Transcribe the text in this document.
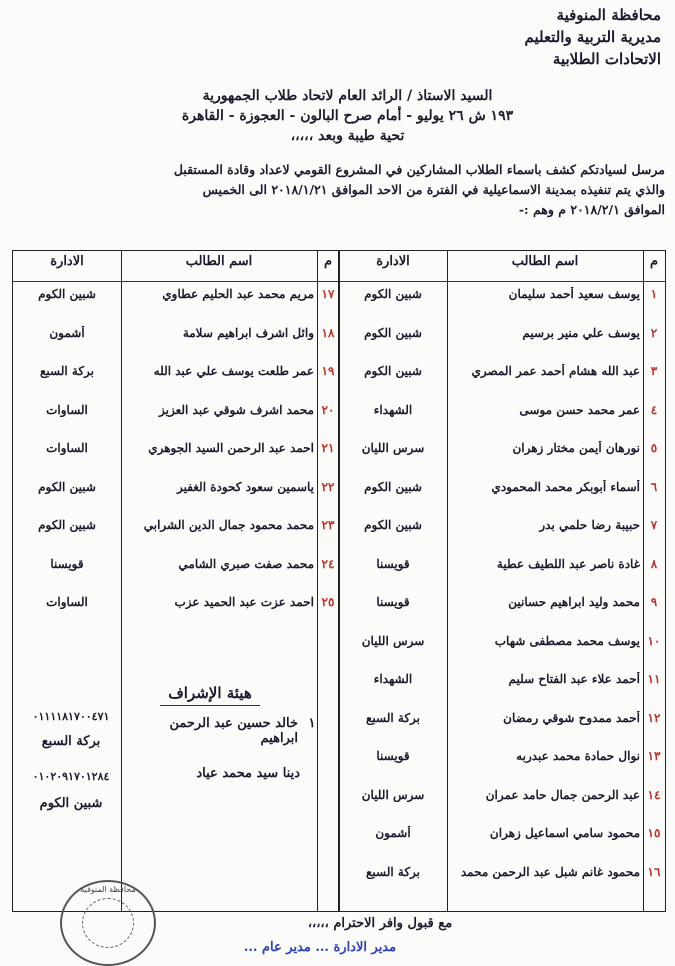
محافظة المنوفية
مديرية التربية والتعليم
الاتحادات الطلابية
السيد الاستاذ / الرائد العام لاتحاد طلاب الجمهورية
١٩٣ ش ٢٦ يوليو - أمام صرح البالون - العجوزة - القاهرة
تحية طيبة وبعد ،،،،،
مرسل لسيادتكم كشف باسماء الطلاب المشاركين في المشروع القومي لاعداد وقادة المستقبل
والذي يتم تنفيذه بمدينة الاسماعيلية في الفترة من الاحد الموافق ٢٠١٨/١/٢١ الى الخميس
الموافق ٢٠١٨/٢/١ م وهم :-
م
اسم الطالب
الادارة
١
يوسف سعيد أحمد سليمان
شبين الكوم
٢
يوسف علي منير برسيم
شبين الكوم
٣
عبد الله هشام أحمد عمر المصري
شبين الكوم
٤
عمر محمد حسن موسى
الشهداء
٥
نورهان أيمن مختار زهران
سرس الليان
٦
أسماء أبوبكر محمد المحمودي
شبين الكوم
٧
حبيبة رضا حلمي بدر
شبين الكوم
٨
غادة ناصر عبد اللطيف عطية
قويسنا
٩
محمد وليد ابراهيم حسانين
قويسنا
١٠
يوسف محمد مصطفى شهاب
سرس الليان
١١
أحمد علاء عبد الفتاح سليم
الشهداء
١٢
أحمد ممدوح شوقي رمضان
بركة السبع
١٣
نوال حمادة محمد عبدربه
قويسنا
١٤
عبد الرحمن جمال حامد عمران
سرس الليان
١٥
محمود سامي اسماعيل زهران
أشمون
١٦
محمود غانم شبل عبد الرحمن محمد
بركة السبع
م
اسم الطالب
الادارة
١٧
مريم محمد عبد الحليم عطاوي
شبين الكوم
١٨
وائل اشرف ابراهيم سلامة
أشمون
١٩
عمر طلعت يوسف علي عبد الله
بركة السبع
٢٠
محمد اشرف شوقي عبد العزيز
الساوات
٢١
احمد عبد الرحمن السيد الجوهري
الساوات
٢٢
ياسمين سعود كحودة الغفير
شبين الكوم
٢٣
محمد محمود جمال الدين الشرابي
شبين الكوم
٢٤
محمد صفت صبري الشامي
قويسنا
٢٥
احمد عزت عبد الحميد عزب
الساوات
هيئة الإشراف
١
خالد حسين عبد الرحمن ابراهيم
٠١١١١٨١٧٠٠٤٧١
بركة السبع
دينا سيد محمد عياد
٠١٠٢٠٩١٧٠١٢٨٤
شبين الكوم
مع قبول وافر الاحترام ،،،،،
مدير الادارة ... مدير عام ...
محافظة المنوفية
